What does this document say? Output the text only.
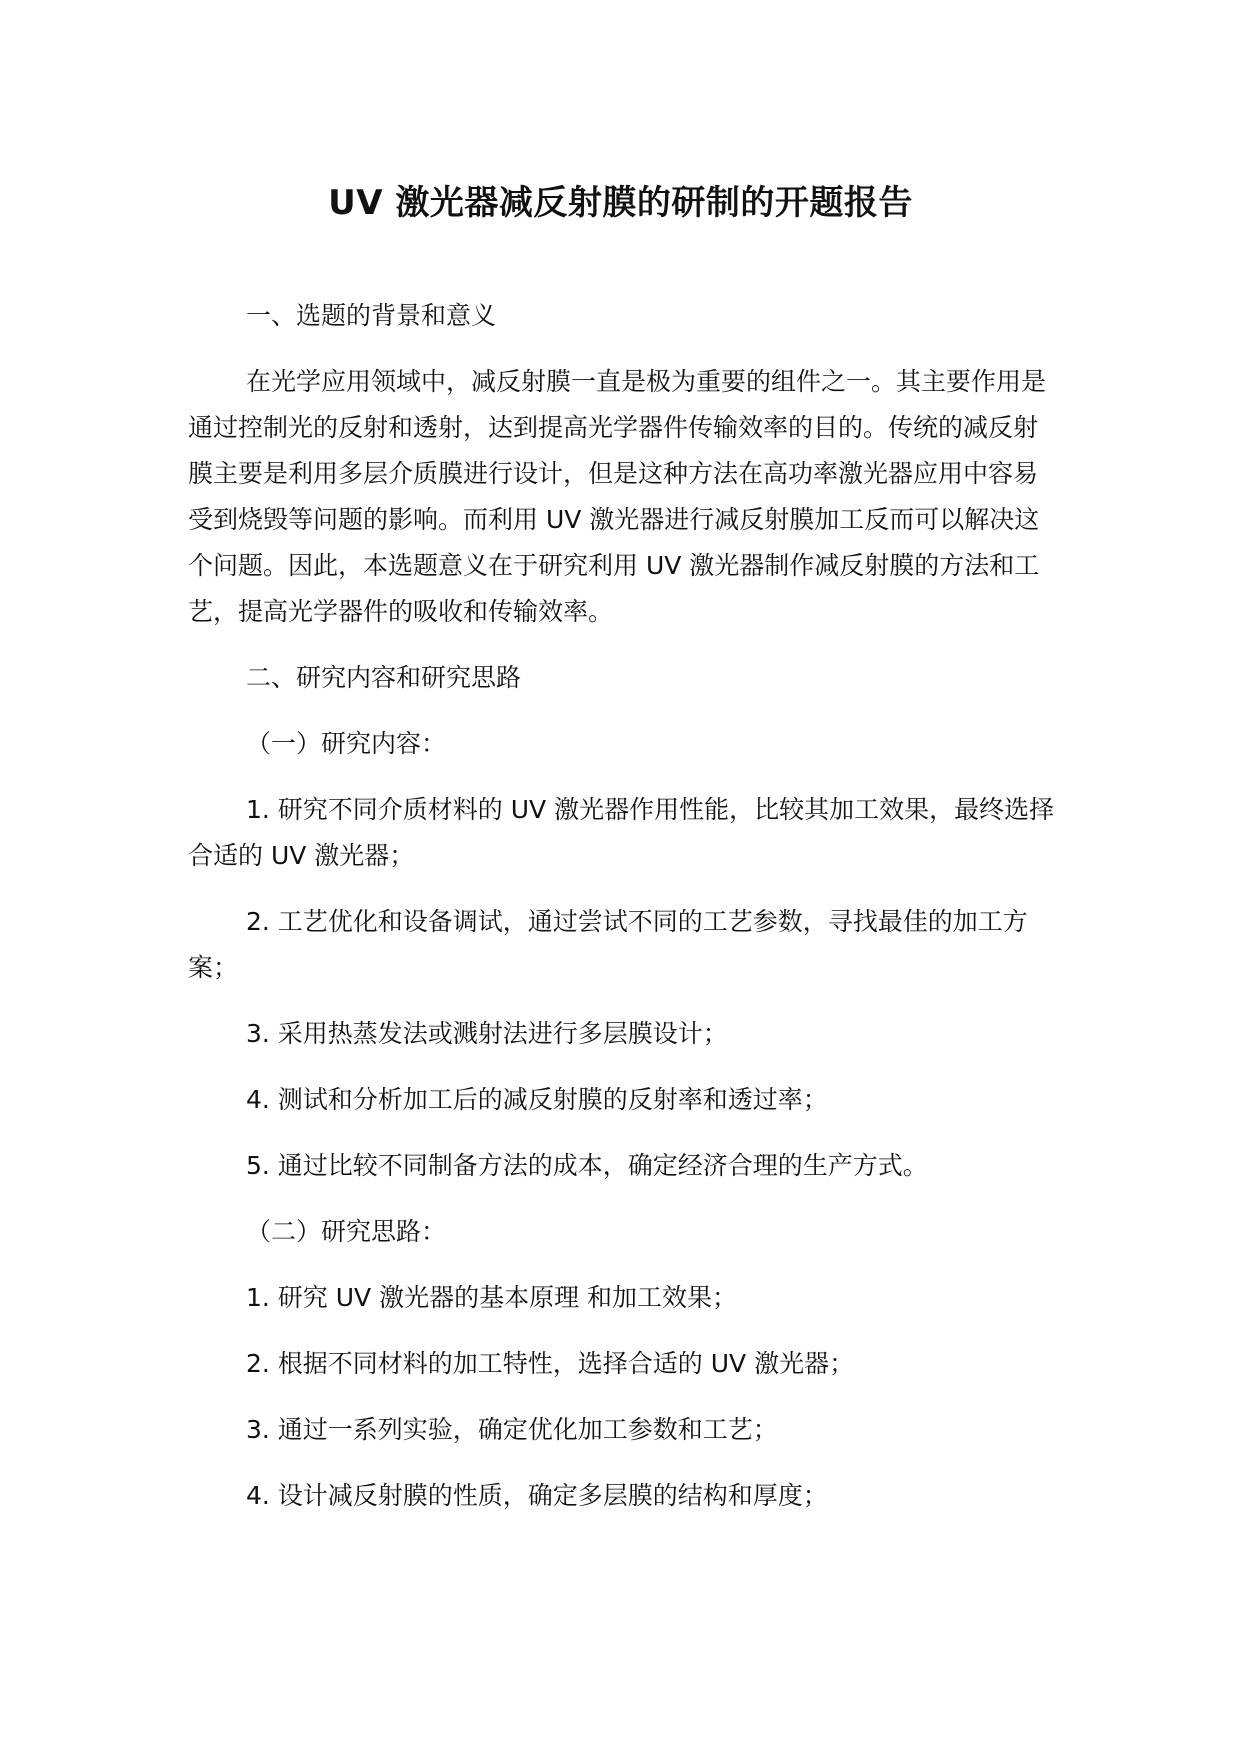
UV 激光器减反射膜的研制的开题报告

一、选题的背景和意义

在光学应用领域中，减反射膜一直是极为重要的组件之一。其主要作用是通过控制光的反射和透射，达到提高光学器件传输效率的目的。传统的减反射膜主要是利用多层介质膜进行设计，但是这种方法在高功率激光器应用中容易受到烧毁等问题的影响。而利用 UV 激光器进行减反射膜加工反而可以解决这个问题。因此，本选题意义在于研究利用 UV 激光器制作减反射膜的方法和工艺，提高光学器件的吸收和传输效率。

二、研究内容和研究思路

（一）研究内容：

1. 研究不同介质材料的 UV 激光器作用性能，比较其加工效果，最终选择合适的 UV 激光器；

2. 工艺优化和设备调试，通过尝试不同的工艺参数，寻找最佳的加工方案；

3. 采用热蒸发法或溅射法进行多层膜设计；

4. 测试和分析加工后的减反射膜的反射率和透过率；

5. 通过比较不同制备方法的成本，确定经济合理的生产方式。

（二）研究思路：

1. 研究 UV 激光器的基本原理 和加工效果；

2. 根据不同材料的加工特性，选择合适的 UV 激光器；

3. 通过一系列实验，确定优化加工参数和工艺；

4. 设计减反射膜的性质，确定多层膜的结构和厚度；
